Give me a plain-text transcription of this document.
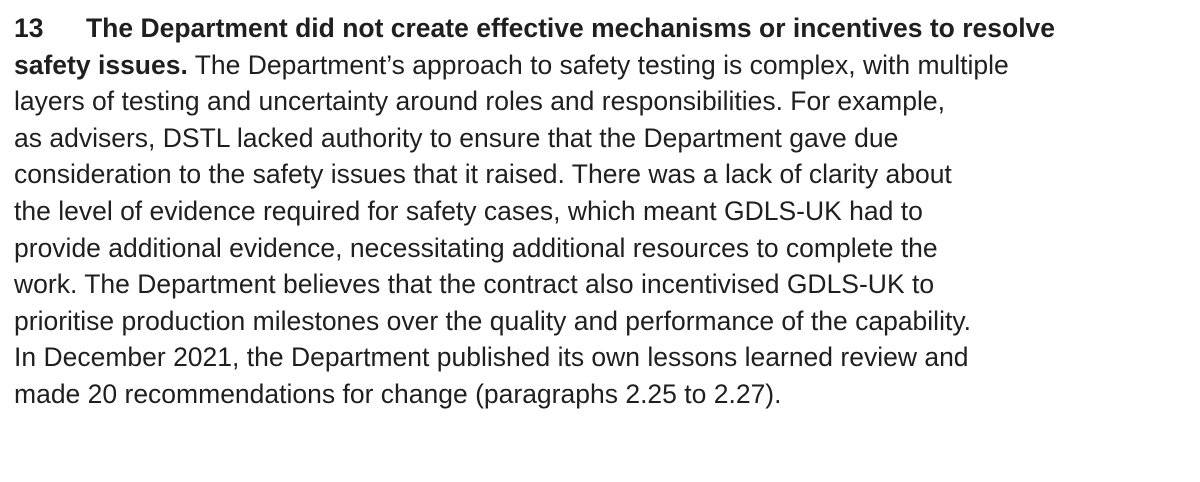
13 The Department did not create effective mechanisms or incentives to resolve
safety issues. The Department’s approach to safety testing is complex, with multiple
layers of testing and uncertainty around roles and responsibilities. For example,
as advisers, DSTL lacked authority to ensure that the Department gave due
consideration to the safety issues that it raised. There was a lack of clarity about
the level of evidence required for safety cases, which meant GDLS-UK had to
provide additional evidence, necessitating additional resources to complete the
work. The Department believes that the contract also incentivised GDLS-UK to
prioritise production milestones over the quality and performance of the capability.
In December 2021, the Department published its own lessons learned review and
made 20 recommendations for change (paragraphs 2.25 to 2.27).
